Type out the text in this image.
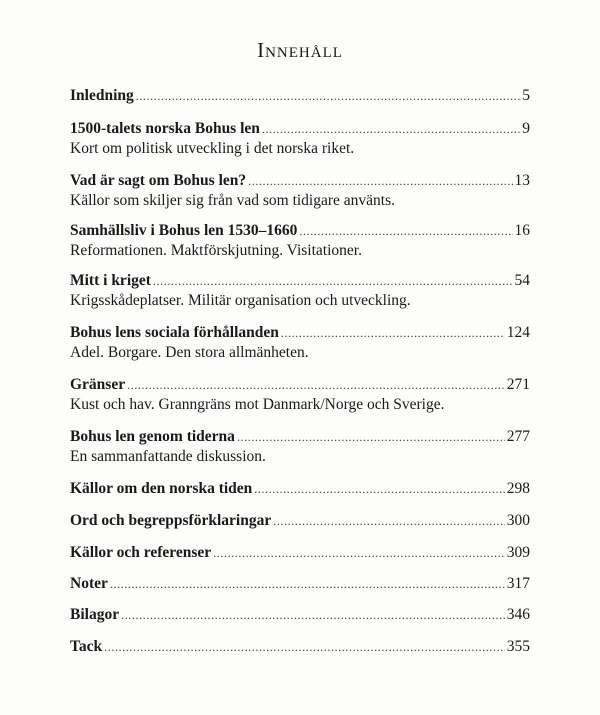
Innehåll
Inledning . . .	5
1500-talets norska Bohus len . . .	9
Kort om politisk utveckling i det norska riket.
Vad är sagt om Bohus len? . . .	13
Källor som skiljer sig från vad som tidigare använts.
Samhällsliv i Bohus len 1530–1660 . . .	16
Reformationen. Maktförskjutning. Visitationer.
Mitt i kriget . . .	54
Krigsskådeplatser. Militär organisation och utveckling.
Bohus lens sociala förhållanden . . .	124
Adel. Borgare. Den stora allmänheten.
Gränser . . .	271
Kust och hav. Granngräns mot Danmark/Norge och Sverige.
Bohus len genom tiderna . . .	277
En sammanfattande diskussion.
Källor om den norska tiden . . .	298
Ord och begreppsförklaringar . . .	300
Källor och referenser . . .	309
Noter . . .	317
Bilagor . . .	346
Tack . . .	355
